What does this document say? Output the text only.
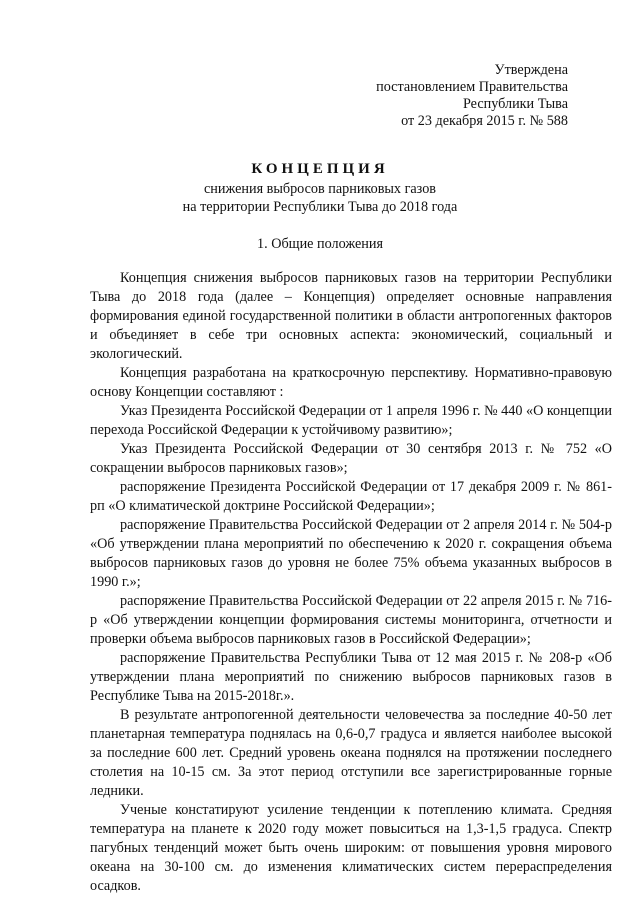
Утверждена
постановлением Правительства
Республики Тыва
от 23 декабря 2015 г. № 588
КОНЦЕПЦИЯ
снижения выбросов парниковых газов
на территории Республики Тыва до 2018 года
1. Общие положения

Концепция снижения выбросов парниковых газов на территории Республики Тыва до 2018 года (далее – Концепция) определяет основные направления формирования единой государственной политики в области антропогенных факторов и объединяет в себе три основных аспекта: экономический, социальный и экологический.

Концепция разработана на краткосрочную перспективу. Нормативно-правовую основу Концепции составляют :

Указ Президента Российской Федерации от 1 апреля 1996 г. № 440 «О концепции перехода Российской Федерации к устойчивому развитию»;

Указ Президента Российской Федерации от 30 сентября 2013 г. № 752 «О сокращении выбросов парниковых газов»;

распоряжение Президента Российской Федерации от 17 декабря 2009 г. № 861-рп «О климатической доктрине Российской Федерации»;

распоряжение Правительства Российской Федерации от 2 апреля 2014 г. № 504-р «Об утверждении плана мероприятий по обеспечению к 2020 г. сокращения объема выбросов парниковых газов до уровня не более 75% объема указанных выбросов в 1990 г.»;

распоряжение Правительства Российской Федерации от 22 апреля 2015 г. № 716-р «Об утверждении концепции формирования системы мониторинга, отчетности и проверки объема выбросов парниковых газов в Российской Федерации»;

распоряжение Правительства Республики Тыва от 12 мая 2015 г. № 208-р «Об утверждении плана мероприятий по снижению выбросов парниковых газов в Республике Тыва на 2015-2018г.».

В результате антропогенной деятельности человечества за последние 40-50 лет планетарная температура поднялась на 0,6-0,7 градуса и является наиболее высокой за последние 600 лет. Средний уровень океана поднялся на протяжении последнего столетия на 10-15 см. За этот период отступили все зарегистрированные горные ледники.

Ученые констатируют усиление тенденции к потеплению климата. Средняя температура на планете к 2020 году может повыситься на 1,3-1,5 градуса. Спектр пагубных тенденций может быть очень широким: от повышения уровня мирового океана на 30-100 см. до изменения климатических систем перераспределения осадков.
